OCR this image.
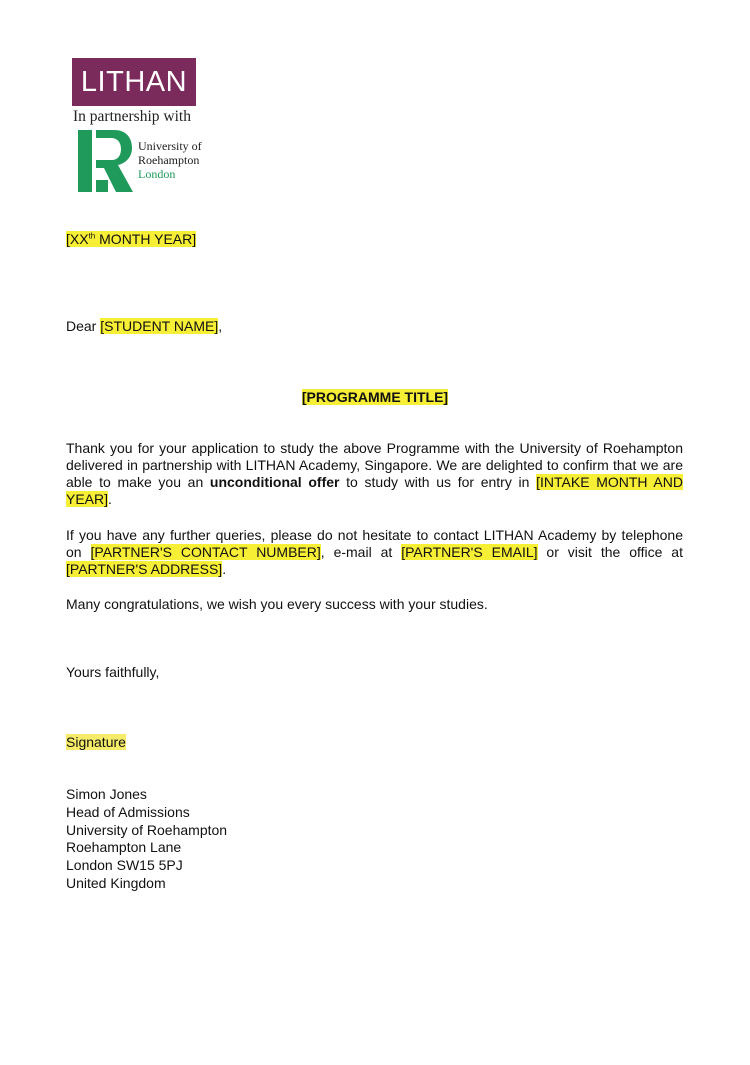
LITHAN
In partnership with
University of
Roehampton
London
[XXth MONTH YEAR]
Dear [STUDENT NAME],
[PROGRAMME TITLE]
Thank you for your application to study the above Programme with the University of Roehampton delivered in partnership with LITHAN Academy, Singapore. We are delighted to confirm that we are able to make you an unconditional offer to study with us for entry in [INTAKE MONTH AND YEAR].
If you have any further queries, please do not hesitate to contact LITHAN Academy by telephone on [PARTNER'S CONTACT NUMBER], e-mail at [PARTNER'S EMAIL] or visit the office at [PARTNER'S ADDRESS].
Many congratulations, we wish you every success with your studies.
Yours faithfully,
Signature
Simon Jones
Head of Admissions
University of Roehampton
Roehampton Lane
London SW15 5PJ
United Kingdom
